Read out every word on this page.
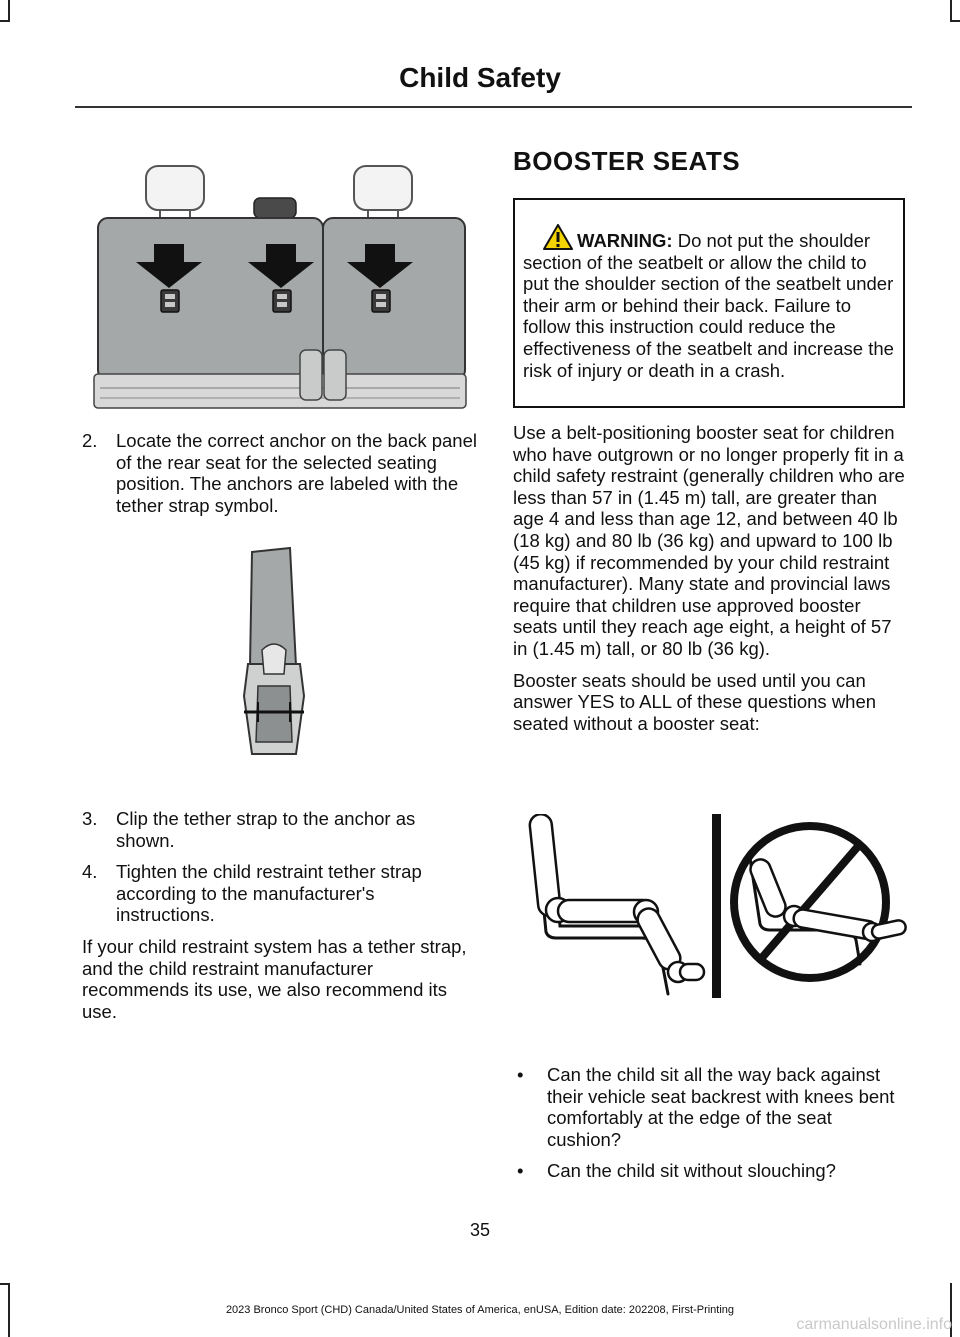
Child Safety
2.	Locate the correct anchor on the back panel of the rear seat for the selected seating position. The anchors are labeled with the tether strap symbol.
3.	Clip the tether strap to the anchor as shown.
4.	Tighten the child restraint tether strap according to the manufacturer's instructions.

If your child restraint system has a tether strap, and the child restraint manufacturer recommends its use, we also recommend its use.

BOOSTER SEATS

WARNING: Do not put the shoulder section of the seatbelt or allow the child to put the shoulder section of the seatbelt under their arm or behind their back. Failure to follow this instruction could reduce the effectiveness of the seatbelt and increase the risk of injury or death in a crash.

Use a belt-positioning booster seat for children who have outgrown or no longer properly fit in a child safety restraint (generally children who are less than 57 in (1.45 m) tall, are greater than age 4 and less than age 12, and between 40 lb (18 kg) and 80 lb (36 kg) and upward to 100 lb (45 kg) if recommended by your child restraint manufacturer). Many state and provincial laws require that children use approved booster seats until they reach age eight, a height of 57 in (1.45 m) tall, or 80 lb (36 kg).

Booster seats should be used until you can answer YES to ALL of these questions when seated without a booster seat:

•	Can the child sit all the way back against their vehicle seat backrest with knees bent comfortably at the edge of the seat cushion?
•	Can the child sit without slouching?
35
2023 Bronco Sport (CHD) Canada/United States of America, enUSA, Edition date: 202208, First-Printing
carmanualsonline.info
